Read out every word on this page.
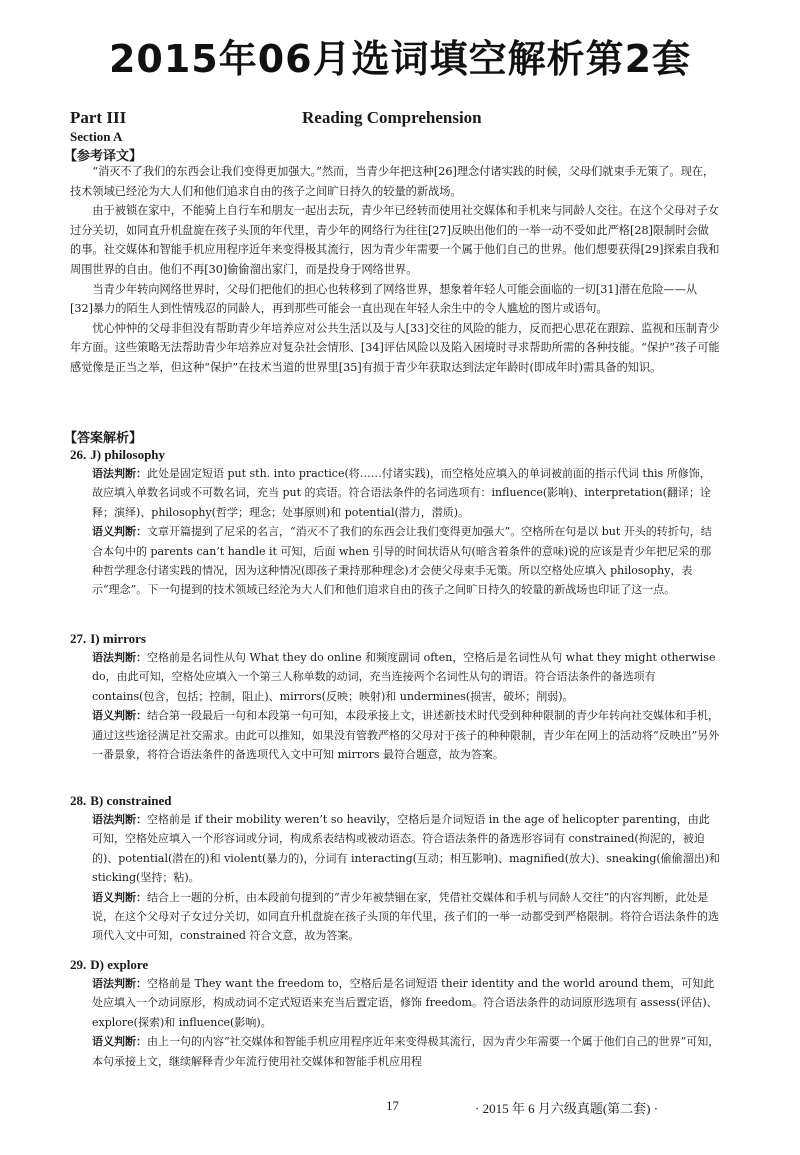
2015年06月选词填空解析第2套
Part III	Reading Comprehension
Section A
【参考译文】

“消灭不了我们的东西会让我们变得更加强大。”然而，当青少年把这种[26]理念付诸实践的时候，父母们就束手无策了。现在，技术领域已经沦为大人们和他们追求自由的孩子之间旷日持久的较量的新战场。

由于被锁在家中，不能骑上自行车和朋友一起出去玩，青少年已经转而使用社交媒体和手机来与同龄人交往。在这个父母对子女过分关切，如同直升机盘旋在孩子头顶的年代里，青少年的网络行为往往[27]反映出他们的一举一动不受如此严格[28]限制时会做的事。社交媒体和智能手机应用程序近年来变得极其流行，因为青少年需要一个属于他们自己的世界。他们想要获得[29]探索自我和周围世界的自由。他们不再[30]偷偷溜出家门，而是投身于网络世界。

当青少年转向网络世界时，父母们把他们的担心也转移到了网络世界，想象着年轻人可能会面临的一切[31]潜在危险——从[32]暴力的陌生人到性情残忍的同龄人，再到那些可能会一直出现在年轻人余生中的令人尴尬的图片或语句。

忧心忡忡的父母非但没有帮助青少年培养应对公共生活以及与人[33]交往的风险的能力，反而把心思花在跟踪、监视和压制青少年方面。这些策略无法帮助青少年培养应对复杂社会情形、[34]评估风险以及陷入困境时寻求帮助所需的各种技能。“保护”孩子可能感觉像是正当之举，但这种“保护”在技术当道的世界里[35]有损于青少年获取达到法定年龄时(即成年时)需具备的知识。

【答案解析】
26. J) philosophy
语法判断：此处是固定短语 put sth. into practice(将……付诸实践)，而空格处应填入的单词被前面的指示代词 this 所修饰，故应填入单数名词或不可数名词，充当 put 的宾语。符合语法条件的名词选项有：influence(影响)、interpretation(翻译；诠释；演绎)、philosophy(哲学；理念；处事原则)和 potential(潜力，潜质)。
语义判断：文章开篇提到了尼采的名言，“消灭不了我们的东西会让我们变得更加强大”。空格所在句是以 but 开头的转折句，结合本句中的 parents can’t handle it 可知，后面 when 引导的时间状语从句(暗含着条件的意味)说的应该是青少年把尼采的那种哲学理念付诸实践的情况，因为这种情况(即孩子秉持那种理念)才会使父母束手无策。所以空格处应填入 philosophy，表示“理念”。下一句提到的技术领域已经沦为大人们和他们追求自由的孩子之间旷日持久的较量的新战场也印证了这一点。
27. I) mirrors
语法判断：空格前是名词性从句 What they do online 和频度副词 often，空格后是名词性从句 what they might otherwise do，由此可知，空格处应填入一个第三人称单数的动词，充当连接两个名词性从句的谓语。符合语法条件的备选项有 contains(包含，包括；控制，阻止)、mirrors(反映；映射)和 undermines(损害，破坏；削弱)。
语义判断：结合第一段最后一句和本段第一句可知，本段承接上文，讲述新技术时代受到种种限制的青少年转向社交媒体和手机，通过这些途径满足社交需求。由此可以推知，如果没有管教严格的父母对于孩子的种种限制，青少年在网上的活动将“反映出”另外一番景象，将符合语法条件的备选项代入文中可知 mirrors 最符合题意，故为答案。
28. B) constrained
语法判断：空格前是 if their mobility weren’t so heavily，空格后是介词短语 in the age of helicopter parenting，由此可知，空格处应填入一个形容词或分词，构成系表结构或被动语态。符合语法条件的备选形容词有 constrained(拘泥的，被迫的)、potential(潜在的)和 violent(暴力的)，分词有 interacting(互动；相互影响)、magnified(放大)、sneaking(偷偷溜出)和 sticking(坚持；粘)。
语义判断：结合上一题的分析，由本段前句提到的“青少年被禁锢在家，凭借社交媒体和手机与同龄人交往”的内容判断，此处是说，在这个父母对子女过分关切，如同直升机盘旋在孩子头顶的年代里，孩子们的一举一动都受到严格限制。将符合语法条件的选项代入文中可知，constrained 符合文意，故为答案。
29. D) explore
语法判断：空格前是 They want the freedom to，空格后是名词短语 their identity and the world around them，可知此处应填入一个动词原形，构成动词不定式短语来充当后置定语，修饰 freedom。符合语法条件的动词原形选项有 assess(评估)、explore(探索)和 influence(影响)。
语义判断：由上一句的内容“社交媒体和智能手机应用程序近年来变得极其流行，因为青少年需要一个属于他们自己的世界”可知，本句承接上文，继续解释青少年流行使用社交媒体和智能手机应用程
17	· 2015 年 6 月六级真题(第二套) ·
